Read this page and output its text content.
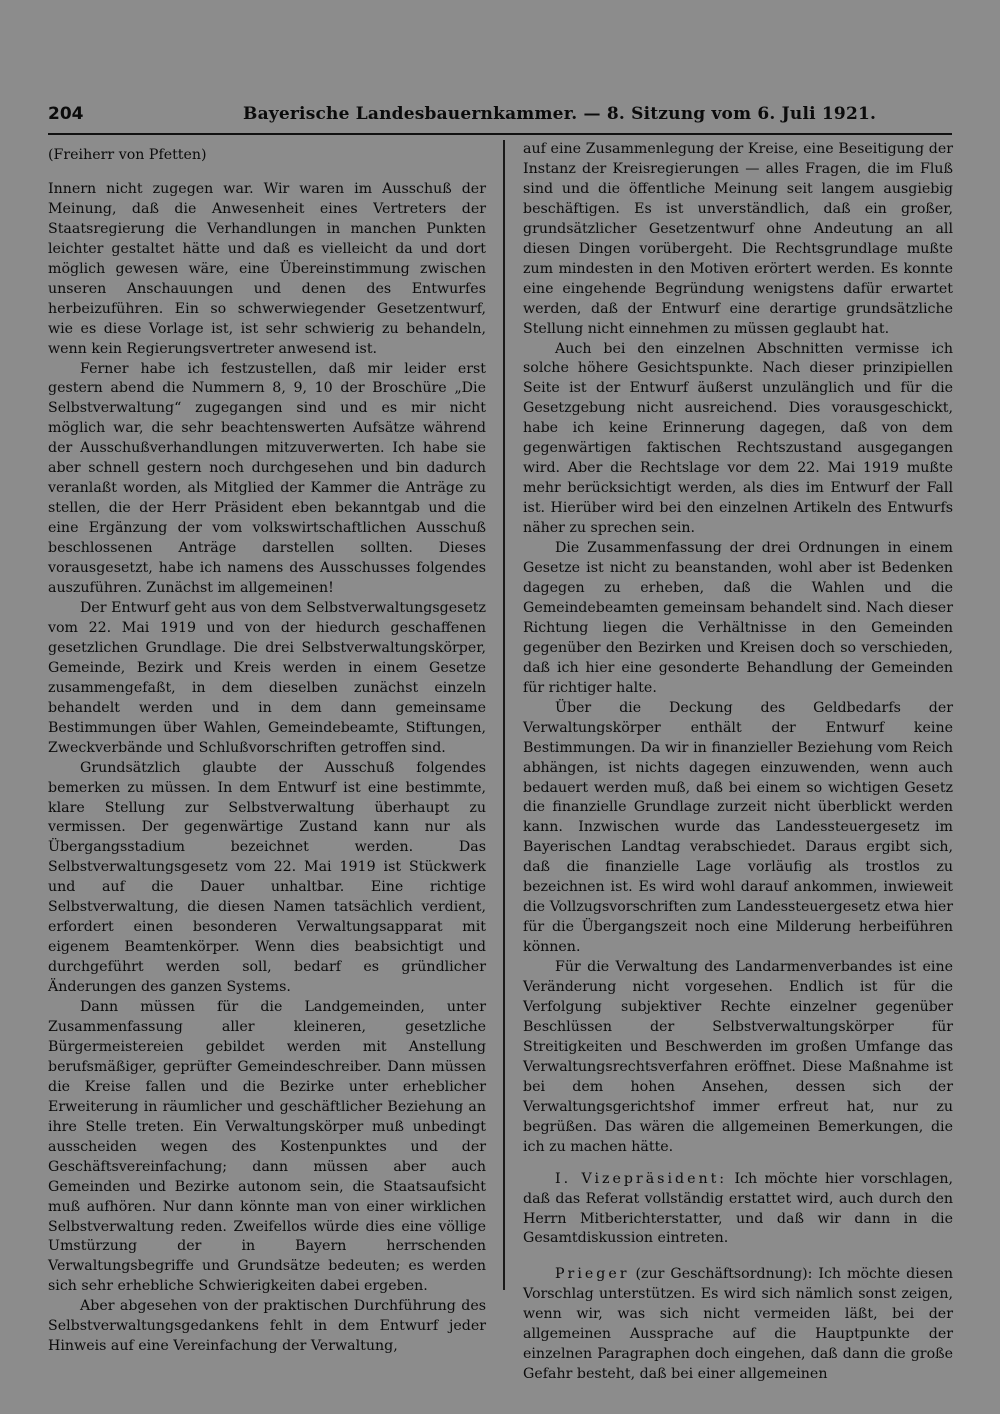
204	Bayerische Landesbauernkammer. — 8. Sitzung vom 6. Juli 1921.

(Freiherr von Pfetten)

Innern nicht zugegen war. Wir waren im Ausschuß der Meinung, daß die Anwesenheit eines Vertreters der Staatsregierung die Verhandlungen in manchen Punkten leichter gestaltet hätte und daß es vielleicht da und dort möglich gewesen wäre, eine Übereinstimmung zwischen unseren Anschauungen und denen des Entwurfes herbeizuführen. Ein so schwerwiegender Gesetzentwurf, wie es diese Vorlage ist, ist sehr schwierig zu behandeln, wenn kein Regierungsvertreter anwesend ist.

Ferner habe ich festzustellen, daß mir leider erst gestern abend die Nummern 8, 9, 10 der Broschüre „Die Selbstverwaltung“ zugegangen sind und es mir nicht möglich war, die sehr beachtenswerten Aufsätze während der Ausschußverhandlungen mitzuverwerten. Ich habe sie aber schnell gestern noch durchgesehen und bin dadurch veranlaßt worden, als Mitglied der Kammer die Anträge zu stellen, die der Herr Präsident eben bekanntgab und die eine Ergänzung der vom volkswirtschaftlichen Ausschuß beschlossenen Anträge darstellen sollten. Dieses vorausgesetzt, habe ich namens des Ausschusses folgendes auszuführen. Zunächst im allgemeinen!

Der Entwurf geht aus von dem Selbstverwaltungsgesetz vom 22. Mai 1919 und von der hiedurch geschaffenen gesetzlichen Grundlage. Die drei Selbstverwaltungskörper, Gemeinde, Bezirk und Kreis werden in einem Gesetze zusammengefaßt, in dem dieselben zunächst einzeln behandelt werden und in dem dann gemeinsame Bestimmungen über Wahlen, Gemeindebeamte, Stiftungen, Zweckverbände und Schlußvorschriften getroffen sind.

Grundsätzlich glaubte der Ausschuß folgendes bemerken zu müssen. In dem Entwurf ist eine bestimmte, klare Stellung zur Selbstverwaltung überhaupt zu vermissen. Der gegenwärtige Zustand kann nur als Übergangsstadium bezeichnet werden. Das Selbstverwaltungsgesetz vom 22. Mai 1919 ist Stückwerk und auf die Dauer unhaltbar. Eine richtige Selbstverwaltung, die diesen Namen tatsächlich verdient, erfordert einen besonderen Verwaltungsapparat mit eigenem Beamtenkörper. Wenn dies beabsichtigt und durchgeführt werden soll, bedarf es gründlicher Änderungen des ganzen Systems.

Dann müssen für die Landgemeinden, unter Zusammenfassung aller kleineren, gesetzliche Bürgermeistereien gebildet werden mit Anstellung berufsmäßiger, geprüfter Gemeindeschreiber. Dann müssen die Kreise fallen und die Bezirke unter erheblicher Erweiterung in räumlicher und geschäftlicher Beziehung an ihre Stelle treten. Ein Verwaltungskörper muß unbedingt ausscheiden wegen des Kostenpunktes und der Geschäftsvereinfachung; dann müssen aber auch Gemeinden und Bezirke autonom sein, die Staatsaufsicht muß aufhören. Nur dann könnte man von einer wirklichen Selbstverwaltung reden. Zweifellos würde dies eine völlige Umstürzung der in Bayern herrschenden Verwaltungsbegriffe und Grundsätze bedeuten; es werden sich sehr erhebliche Schwierigkeiten dabei ergeben.

Aber abgesehen von der praktischen Durchführung des Selbstverwaltungsgedankens fehlt in dem Entwurf jeder Hinweis auf eine Vereinfachung der Verwaltung,

auf eine Zusammenlegung der Kreise, eine Beseitigung der Instanz der Kreisregierungen — alles Fragen, die im Fluß sind und die öffentliche Meinung seit langem ausgiebig beschäftigen. Es ist unverständlich, daß ein großer, grundsätzlicher Gesetzentwurf ohne Andeutung an all diesen Dingen vorübergeht. Die Rechtsgrundlage mußte zum mindesten in den Motiven erörtert werden. Es konnte eine eingehende Begründung wenigstens dafür erwartet werden, daß der Entwurf eine derartige grundsätzliche Stellung nicht einnehmen zu müssen geglaubt hat.

Auch bei den einzelnen Abschnitten vermisse ich solche höhere Gesichtspunkte. Nach dieser prinzipiellen Seite ist der Entwurf äußerst unzulänglich und für die Gesetzgebung nicht ausreichend. Dies vorausgeschickt, habe ich keine Erinnerung dagegen, daß von dem gegenwärtigen faktischen Rechtszustand ausgegangen wird. Aber die Rechtslage vor dem 22. Mai 1919 mußte mehr berücksichtigt werden, als dies im Entwurf der Fall ist. Hierüber wird bei den einzelnen Artikeln des Entwurfs näher zu sprechen sein.

Die Zusammenfassung der drei Ordnungen in einem Gesetze ist nicht zu beanstanden, wohl aber ist Bedenken dagegen zu erheben, daß die Wahlen und die Gemeindebeamten gemeinsam behandelt sind. Nach dieser Richtung liegen die Verhältnisse in den Gemeinden gegenüber den Bezirken und Kreisen doch so verschieden, daß ich hier eine gesonderte Behandlung der Gemeinden für richtiger halte.

Über die Deckung des Geldbedarfs der Verwaltungskörper enthält der Entwurf keine Bestimmungen. Da wir in finanzieller Beziehung vom Reich abhängen, ist nichts dagegen einzuwenden, wenn auch bedauert werden muß, daß bei einem so wichtigen Gesetz die finanzielle Grundlage zurzeit nicht überblickt werden kann. Inzwischen wurde das Landessteuergesetz im Bayerischen Landtag verabschiedet. Daraus ergibt sich, daß die finanzielle Lage vorläufig als trostlos zu bezeichnen ist. Es wird wohl darauf ankommen, inwieweit die Vollzugsvorschriften zum Landessteuergesetz etwa hier für die Übergangszeit noch eine Milderung herbeiführen können.

Für die Verwaltung des Landarmenverbandes ist eine Veränderung nicht vorgesehen. Endlich ist für die Verfolgung subjektiver Rechte einzelner gegenüber Beschlüssen der Selbstverwaltungskörper für Streitigkeiten und Beschwerden im großen Umfange das Verwaltungsrechtsverfahren eröffnet. Diese Maßnahme ist bei dem hohen Ansehen, dessen sich der Verwaltungsgerichtshof immer erfreut hat, nur zu begrüßen. Das wären die allgemeinen Bemerkungen, die ich zu machen hätte.

I. Vizepräsident: Ich möchte hier vorschlagen, daß das Referat vollständig erstattet wird, auch durch den Herrn Mitberichterstatter, und daß wir dann in die Gesamtdiskussion eintreten.

Prieger (zur Geschäftsordnung): Ich möchte diesen Vorschlag unterstützen. Es wird sich nämlich sonst zeigen, wenn wir, was sich nicht vermeiden läßt, bei der allgemeinen Aussprache auf die Hauptpunkte der einzelnen Paragraphen doch eingehen, daß dann die große Gefahr besteht, daß bei einer allgemeinen
